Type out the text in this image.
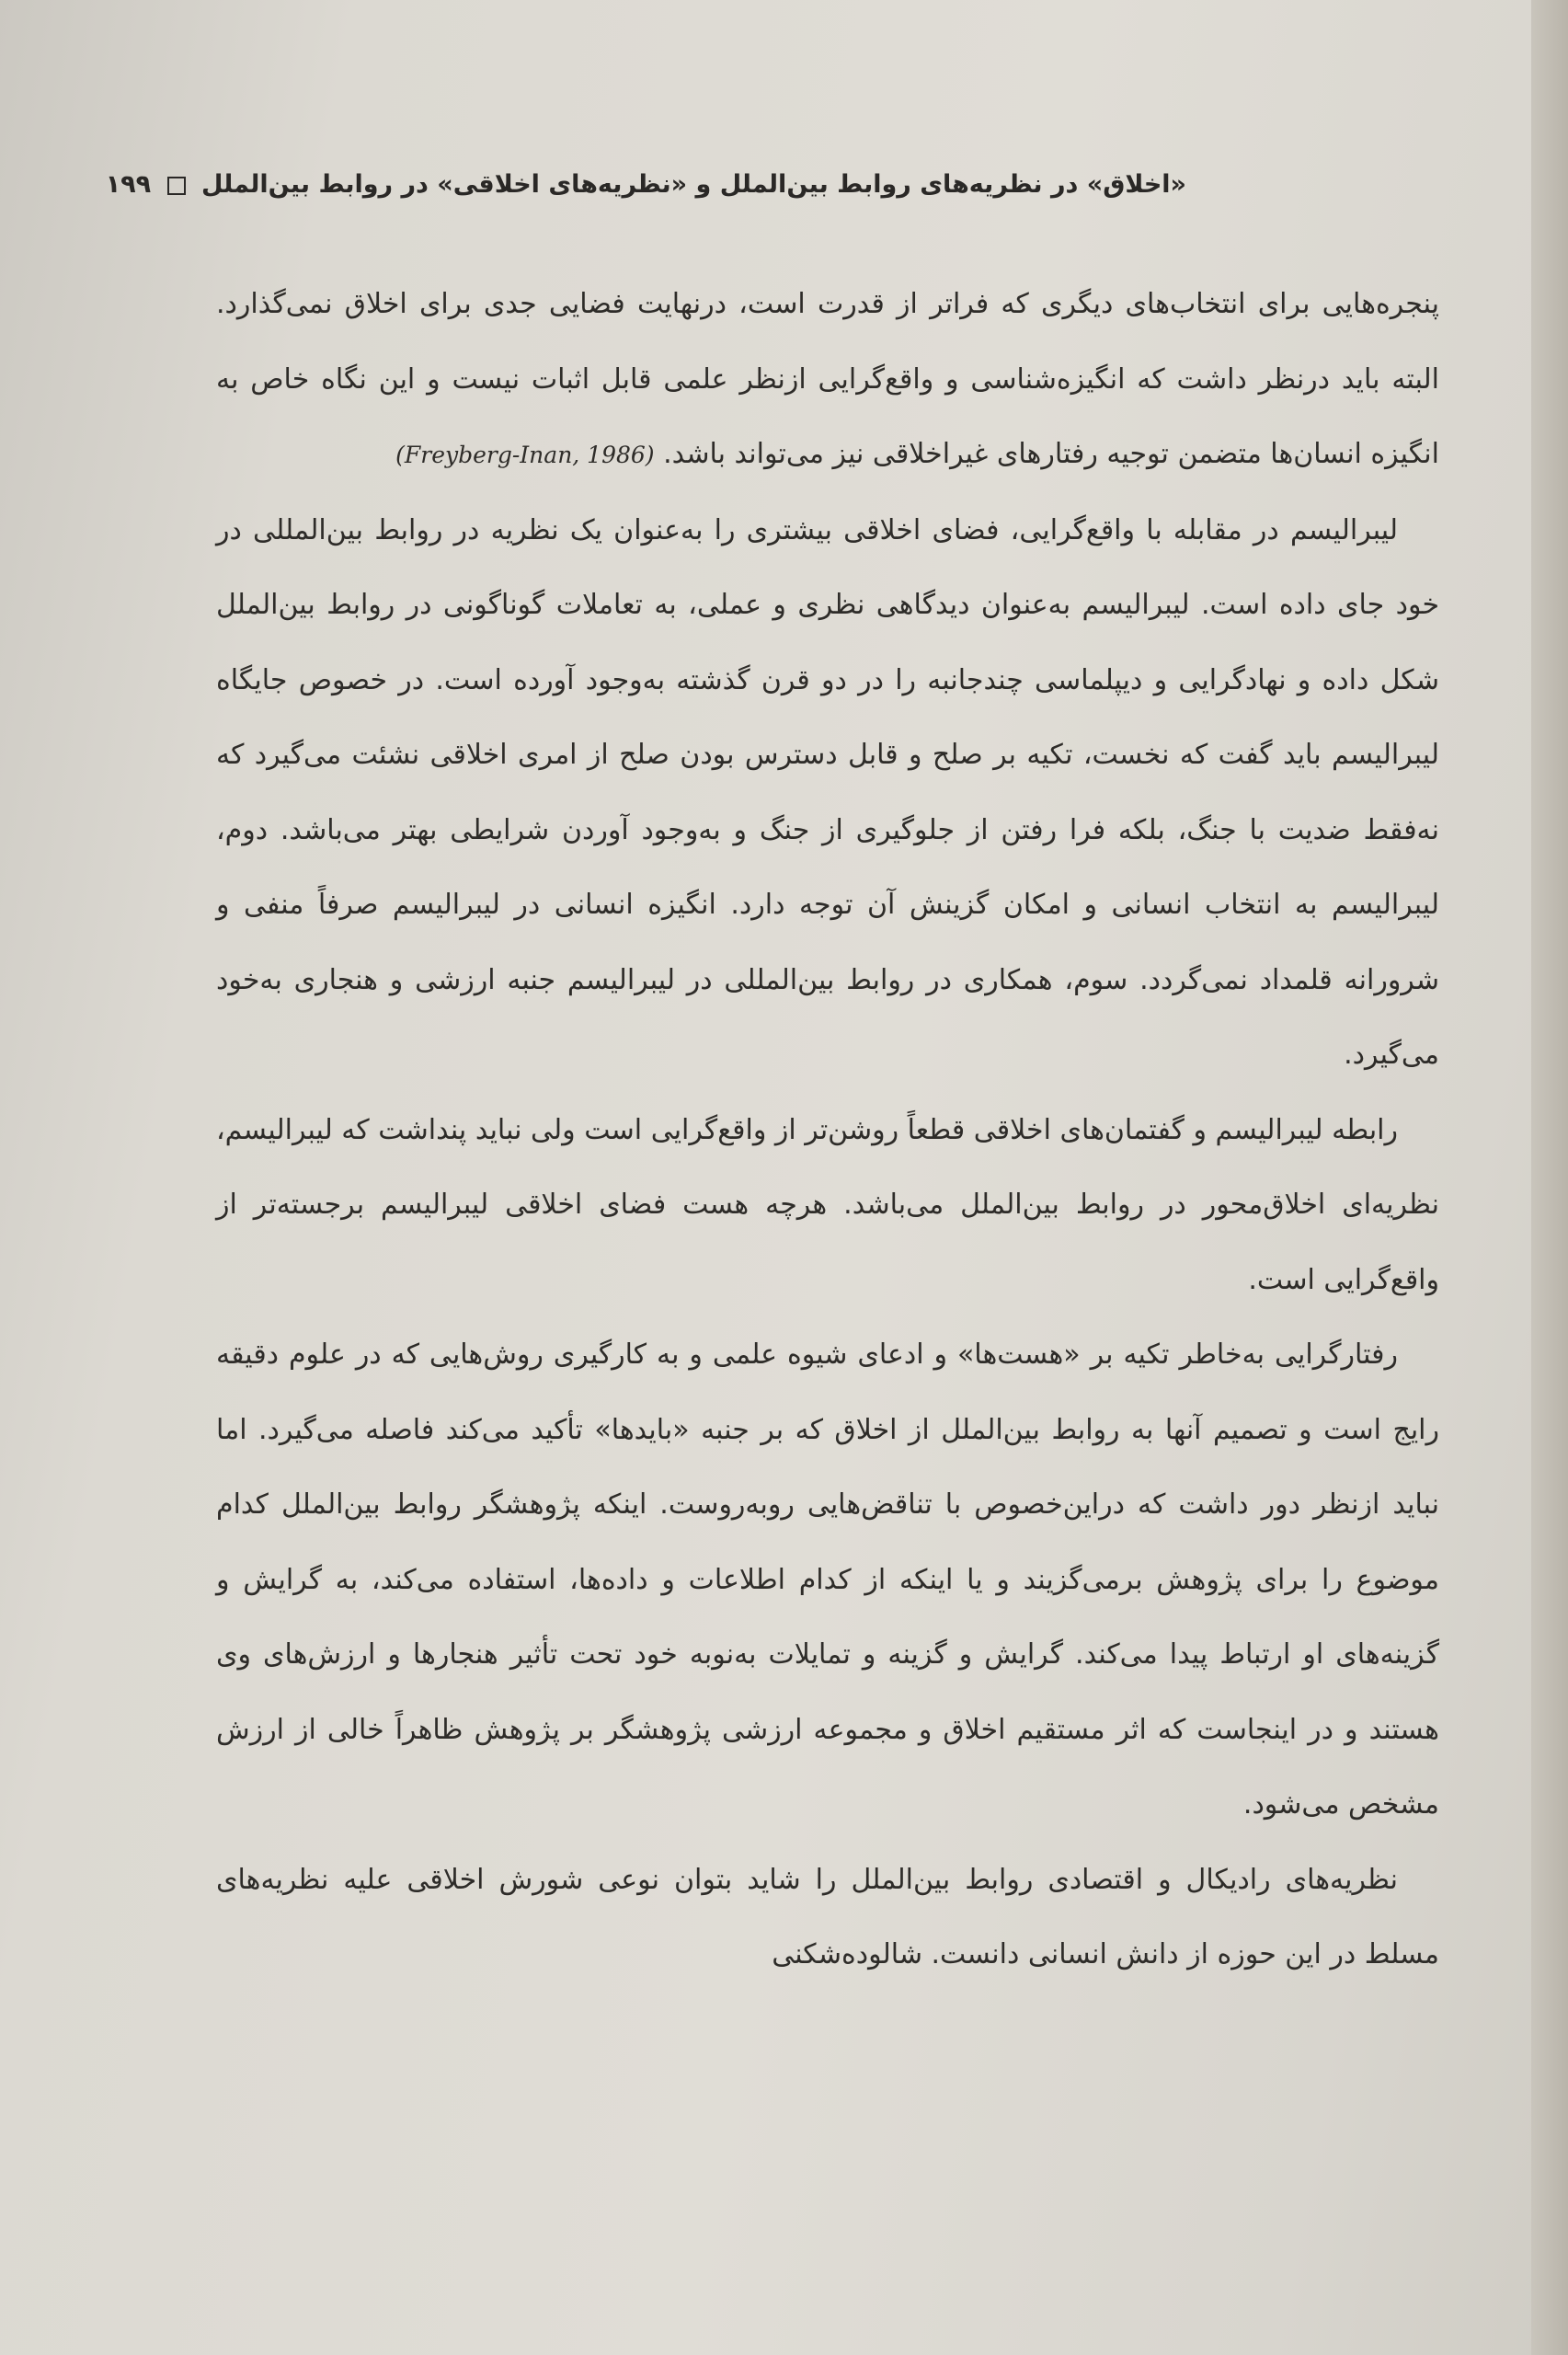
«اخلاق» در نظریه‌های روابط بین‌الملل و «نظریه‌های اخلاقی» در روابط بین‌الملل  ۱۹۹

پنجره‌هایی برای انتخاب‌های دیگری که فراتر از قدرت است، درنهایت فضایی جدی برای اخلاق نمی‌گذارد. البته باید درنظر داشت که انگیزه‌شناسی و واقع‌گرایی ازنظر علمی قابل اثبات نیست و این نگاه خاص به انگیزه انسان‌ها متضمن توجیه رفتارهای غیراخلاقی نیز می‌تواند باشد. (Freyberg-Inan, 1986)

لیبرالیسم در مقابله با واقع‌گرایی، فضای اخلاقی بیشتری را به‌عنوان یک نظریه در روابط بین‌المللی در خود جای داده است. لیبرالیسم به‌عنوان دیدگاهی نظری و عملی، به تعاملات گوناگونی در روابط بین‌الملل شکل داده و نهادگرایی و دیپلماسی چندجانبه را در دو قرن گذشته به‌وجود آورده است. در خصوص جایگاه لیبرالیسم باید گفت که نخست، تکیه بر صلح و قابل دسترس بودن صلح از امری اخلاقی نشئت می‌گیرد که نه‌فقط ضدیت با جنگ، بلکه فرا رفتن از جلوگیری از جنگ و به‌وجود آوردن شرایطی بهتر می‌باشد. دوم، لیبرالیسم به انتخاب انسانی و امکان گزینش آن توجه دارد. انگیزه انسانی در لیبرالیسم صرفاً منفی و شرورانه قلمداد نمی‌گردد. سوم، همکاری در روابط بین‌المللی در لیبرالیسم جنبه ارزشی و هنجاری به‌خود می‌گیرد.

رابطه لیبرالیسم و گفتمان‌های اخلاقی قطعاً روشن‌تر از واقع‌گرایی است ولی نباید پنداشت که لیبرالیسم، نظریه‌ای اخلاق‌محور در روابط بین‌الملل می‌باشد. هرچه هست فضای اخلاقی لیبرالیسم برجسته‌تر از واقع‌گرایی است.

رفتارگرایی به‌خاطر تکیه بر «هست‌ها» و ادعای شیوه علمی و به کارگیری روش‌هایی که در علوم دقیقه رایج است و تصمیم آنها به روابط بین‌الملل از اخلاق که بر جنبه «بایدها» تأکید می‌کند فاصله می‌گیرد. اما نباید ازنظر دور داشت که دراین‌خصوص با تناقض‌هایی روبه‌روست. اینکه پژوهشگر روابط بین‌الملل کدام موضوع را برای پژوهش برمی‌گزیند و یا اینکه از کدام اطلاعات و داده‌ها، استفاده می‌کند، به گرایش و گزینه‌های او ارتباط پیدا می‌کند. گرایش و گزینه و تمایلات به‌نوبه خود تحت تأثیر هنجارها و ارزش‌های وی هستند و در اینجاست که اثر مستقیم اخلاق و مجموعه ارزشی پژوهشگر بر پژوهش ظاهراً خالی از ارزش مشخص می‌شود.

نظریه‌های رادیکال و اقتصادی روابط بین‌الملل را شاید بتوان نوعی شورش اخلاقی علیه نظریه‌های مسلط در این حوزه از دانش انسانی دانست. شالوده‌شکنی
